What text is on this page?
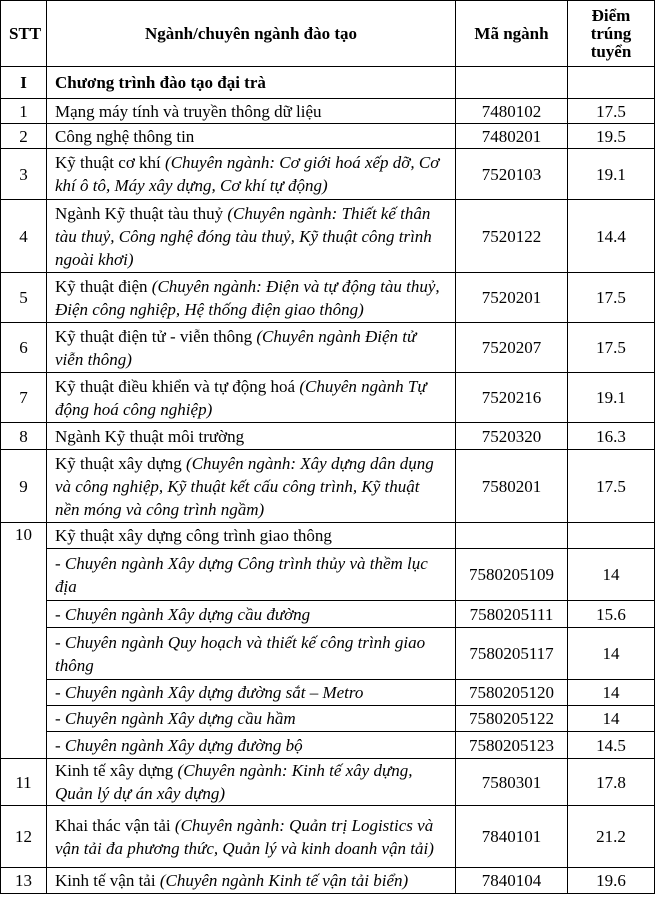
STT	Ngành/chuyên ngành đào tạo	Mã ngành	Điểm trúng tuyển
I	Chương trình đào tạo đại trà		
1	Mạng máy tính và truyền thông dữ liệu	7480102	17.5
2	Công nghệ thông tin	7480201	19.5
3	Kỹ thuật cơ khí (Chuyên ngành: Cơ giới hoá xếp dỡ, Cơ khí ô tô, Máy xây dựng, Cơ khí tự động)	7520103	19.1
4	Ngành Kỹ thuật tàu thuỷ (Chuyên ngành: Thiết kế thân tàu thuỷ, Công nghệ đóng tàu thuỷ, Kỹ thuật công trình ngoài khơi)	7520122	14.4
5	Kỹ thuật điện (Chuyên ngành: Điện và tự động tàu thuỷ, Điện công nghiệp, Hệ thống điện giao thông)	7520201	17.5
6	Kỹ thuật điện tử - viễn thông (Chuyên ngành Điện tử viễn thông)	7520207	17.5
7	Kỹ thuật điều khiển và tự động hoá (Chuyên ngành Tự động hoá công nghiệp)	7520216	19.1
8	Ngành Kỹ thuật môi trường	7520320	16.3
9	Kỹ thuật xây dựng (Chuyên ngành: Xây dựng dân dụng và công nghiệp, Kỹ thuật kết cấu công trình, Kỹ thuật nền móng và công trình ngầm)	7580201	17.5
10	Kỹ thuật xây dựng công trình giao thông		
	- Chuyên ngành Xây dựng Công trình thủy và thềm lục địa	7580205109	14
	- Chuyên ngành Xây dựng cầu đường	7580205111	15.6
	- Chuyên ngành Quy hoạch và thiết kế công trình giao thông	7580205117	14
	- Chuyên ngành Xây dựng đường sắt – Metro	7580205120	14
	- Chuyên ngành Xây dựng cầu hầm	7580205122	14
	- Chuyên ngành Xây dựng đường bộ	7580205123	14.5
11	Kinh tế xây dựng (Chuyên ngành: Kinh tế xây dựng, Quản lý dự án xây dựng)	7580301	17.8
12	Khai thác vận tải (Chuyên ngành: Quản trị Logistics và vận tải đa phương thức, Quản lý và kinh doanh vận tải)	7840101	21.2
13	Kinh tế vận tải (Chuyên ngành Kinh tế vận tải biển)	7840104	19.6
